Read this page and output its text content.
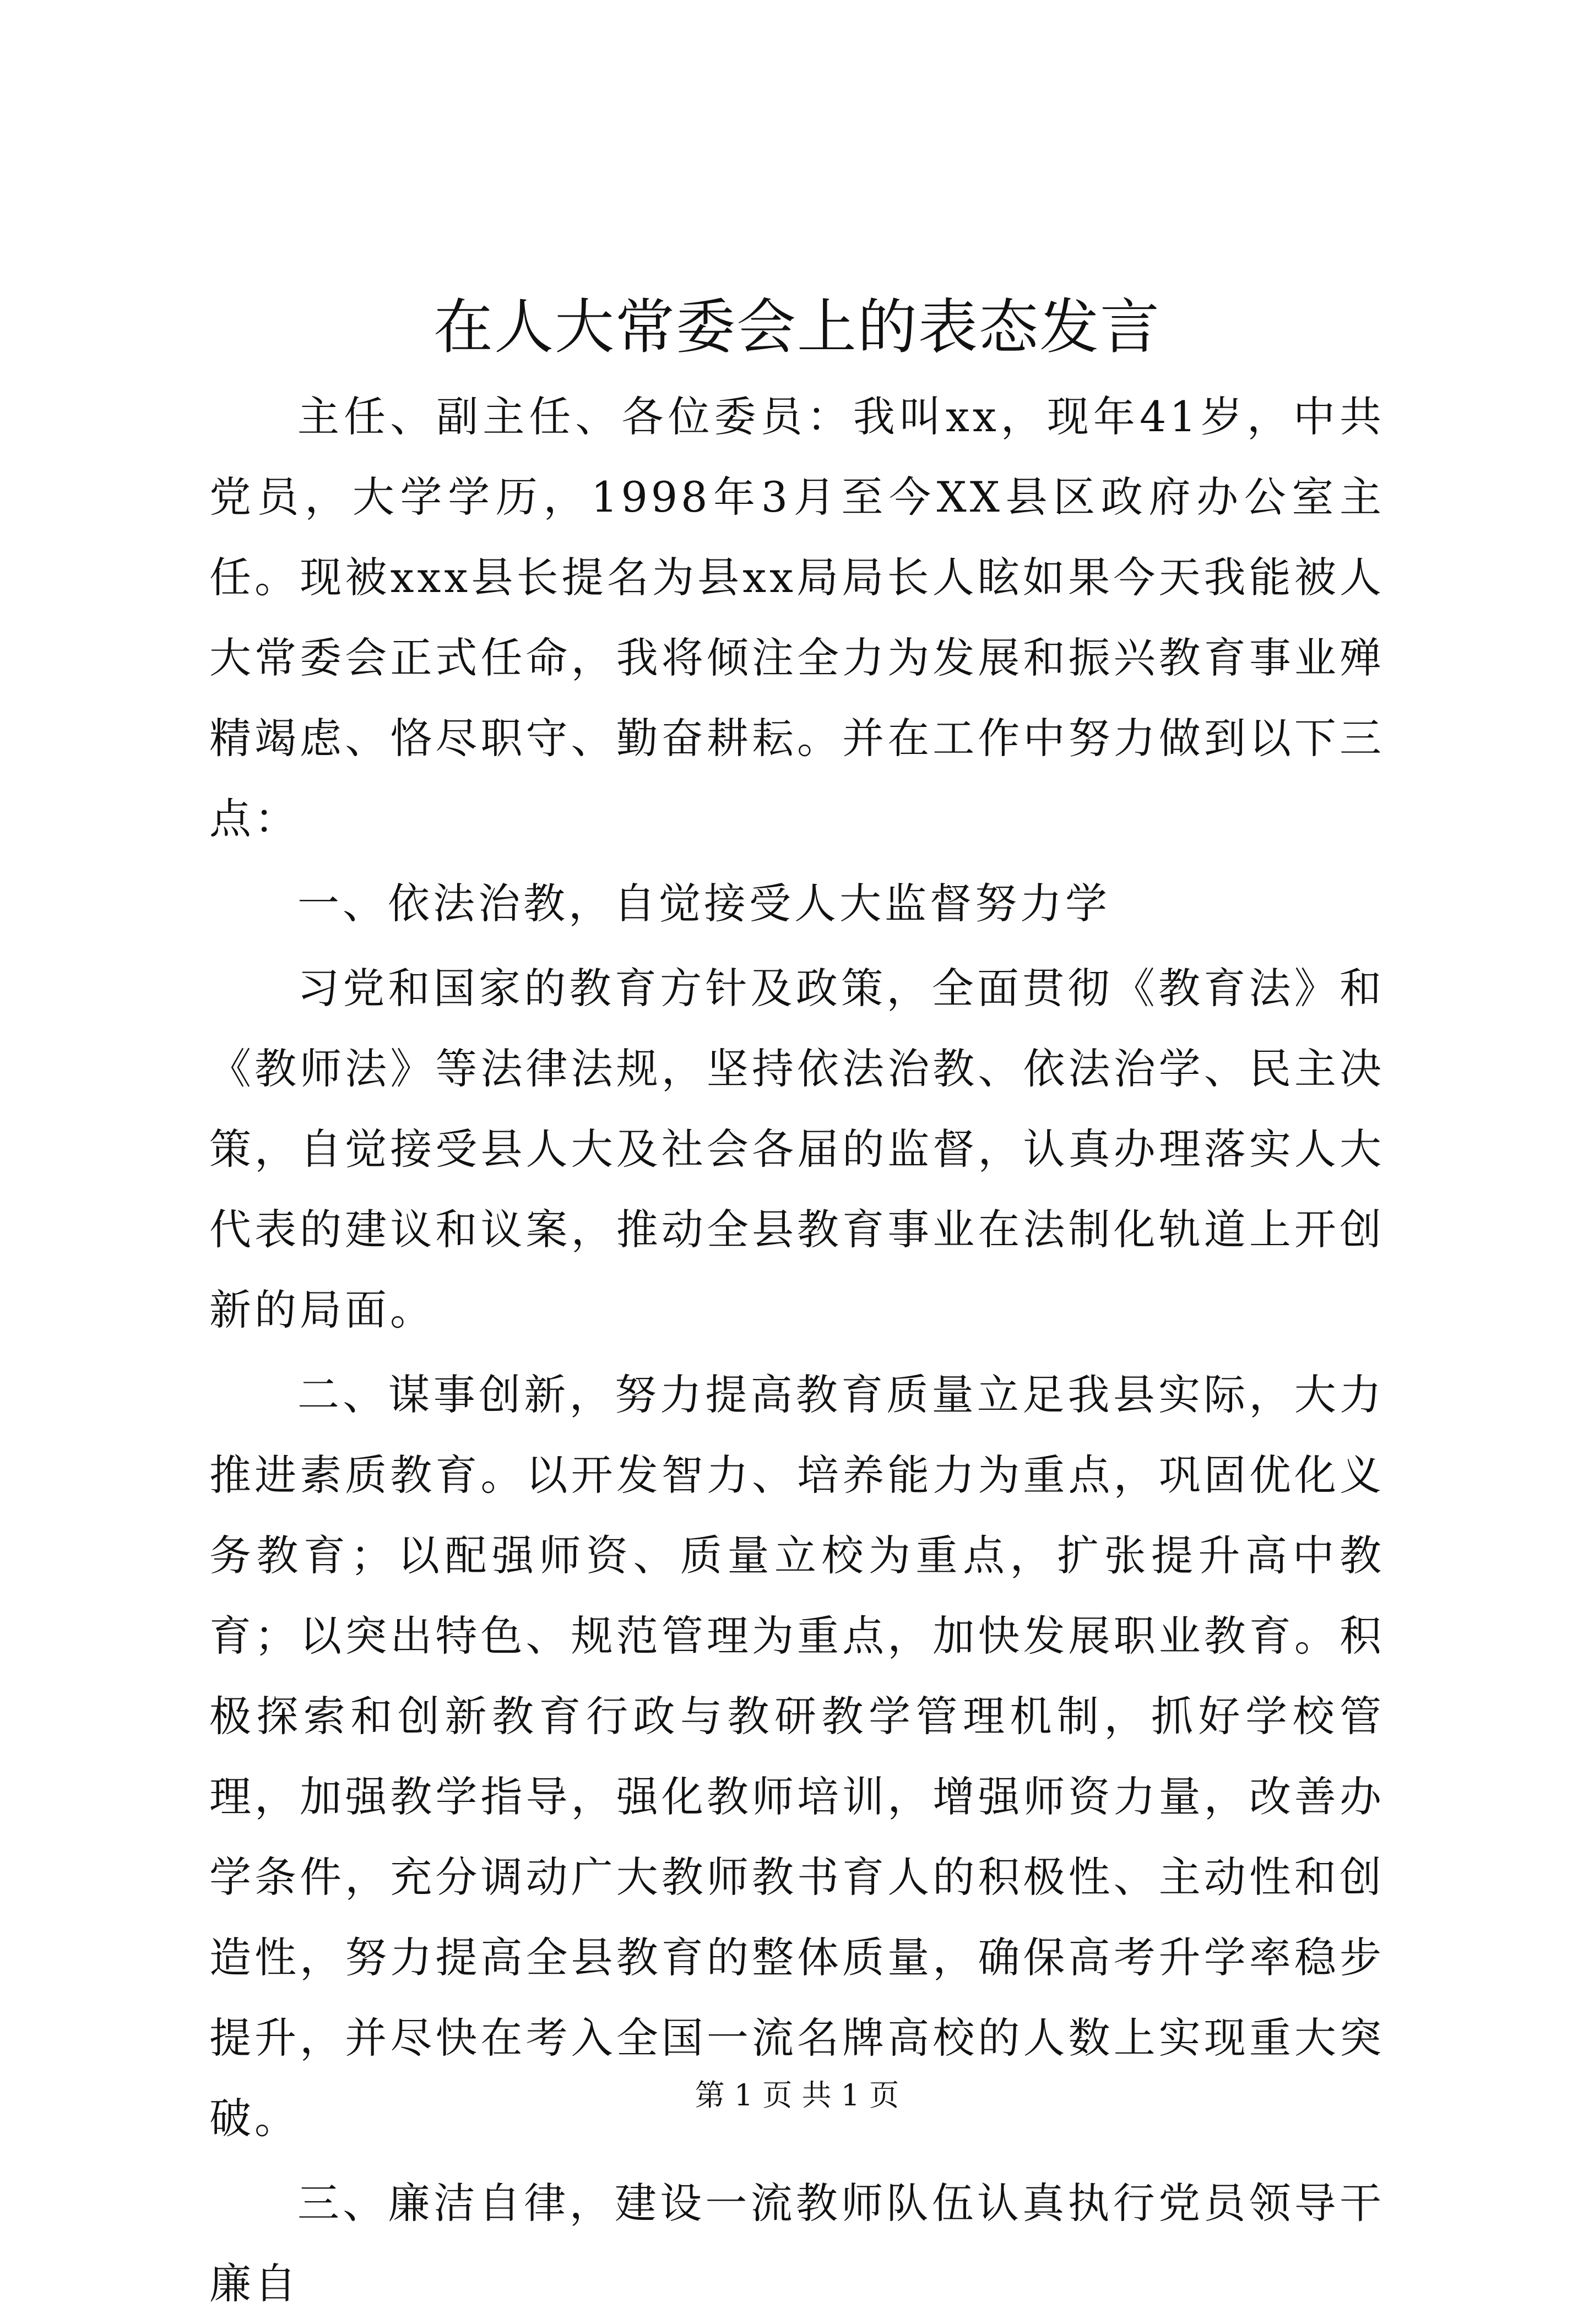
在人大常委会上的表态发言

主任、副主任、各位委员：我叫xx，现年41岁，中共党员，大学学历，1998年3月至今XX县区政府办公室主任。现被xxx县长提名为县xx局局长人眩如果今天我能被人大常委会正式任命，我将倾注全力为发展和振兴教育事业殚精竭虑、恪尽职守、勤奋耕耘。并在工作中努力做到以下三点：

一、依法治教，自觉接受人大监督努力学

习党和国家的教育方针及政策，全面贯彻《教育法》和《教师法》等法律法规，坚持依法治教、依法治学、民主决策，自觉接受县人大及社会各届的监督，认真办理落实人大代表的建议和议案，推动全县教育事业在法制化轨道上开创新的局面。

二、谋事创新，努力提高教育质量立足我县实际，大力推进素质教育。以开发智力、培养能力为重点，巩固优化义务教育；以配强师资、质量立校为重点，扩张提升高中教育；以突出特色、规范管理为重点，加快发展职业教育。积极探索和创新教育行政与教研教学管理机制，抓好学校管理，加强教学指导，强化教师培训，增强师资力量，改善办学条件，充分调动广大教师教书育人的积极性、主动性和创造性，努力提高全县教育的整体质量，确保高考升学率稳步提升，并尽快在考入全国一流名牌高校的人数上实现重大突破。

三、廉洁自律，建设一流教师队伍认真执行党员领导干廉自

第 1 页 共 1 页
